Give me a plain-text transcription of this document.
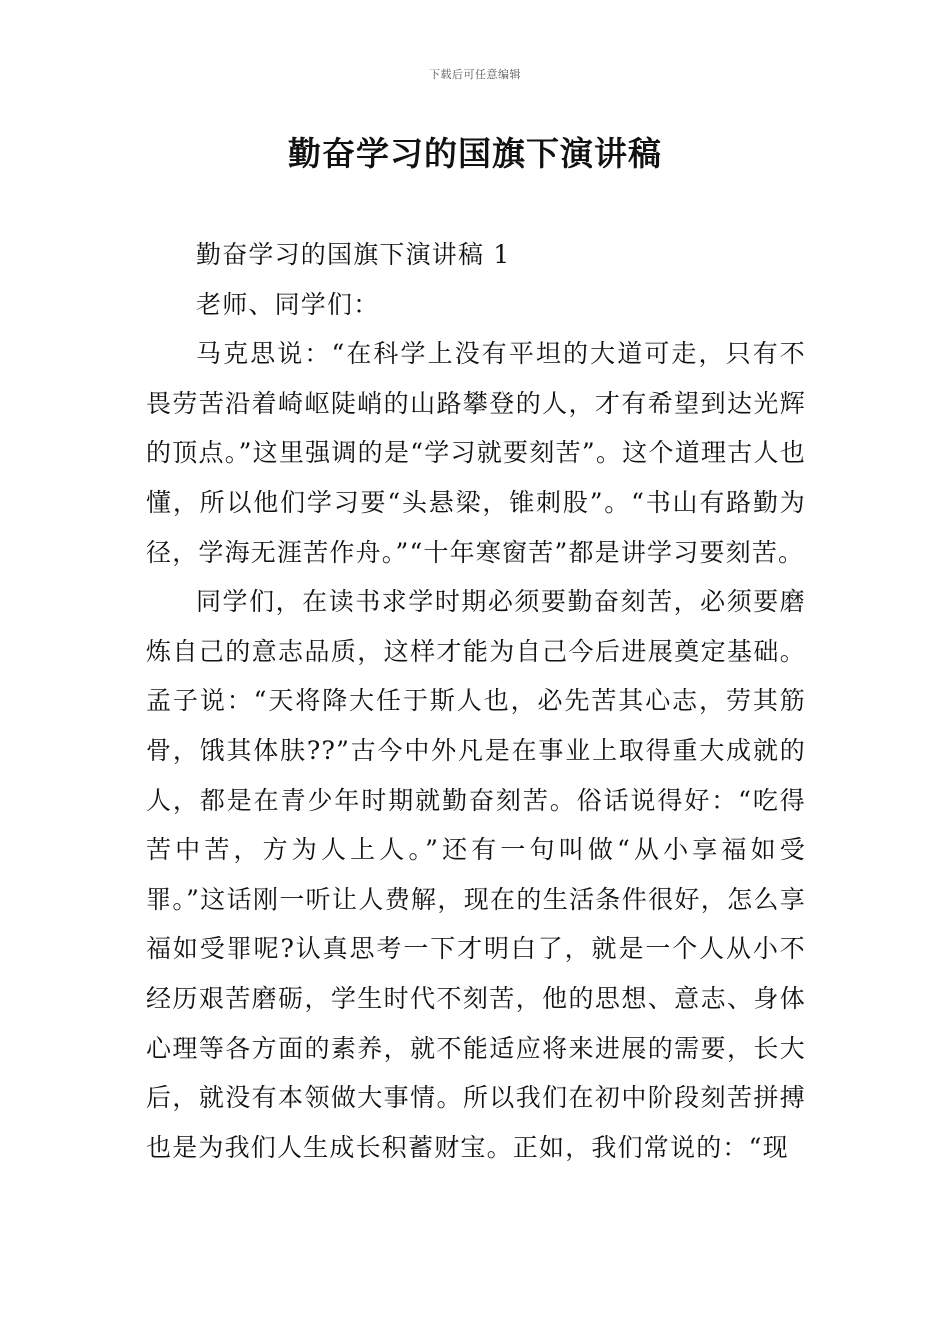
下载后可任意编辑
勤奋学习的国旗下演讲稿

勤奋学习的国旗下演讲稿 1

老师、同学们：

马克思说：“在科学上没有平坦的大道可走，只有不畏劳苦沿着崎岖陡峭的山路攀登的人，才有希望到达光辉的顶点。”这里强调的是“学习就要刻苦”。这个道理古人也懂，所以他们学习要“头悬梁，锥刺股”。“书山有路勤为径，学海无涯苦作舟。”“十年寒窗苦”都是讲学习要刻苦。

同学们，在读书求学时期必须要勤奋刻苦，必须要磨炼自己的意志品质，这样才能为自己今后进展奠定基础。孟子说：“天将降大任于斯人也，必先苦其心志，劳其筋骨，饿其体肤??”古今中外凡是在事业上取得重大成就的人，都是在青少年时期就勤奋刻苦。俗话说得好：“吃得苦中苦，方为人上人。”还有一句叫做“从小享福如受罪。”这话刚一听让人费解，现在的生活条件很好，怎么享福如受罪呢?认真思考一下才明白了，就是一个人从小不经历艰苦磨砺，学生时代不刻苦，他的思想、意志、身体心理等各方面的素养，就不能适应将来进展的需要，长大后，就没有本领做大事情。所以我们在初中阶段刻苦拼搏也是为我们人生成长积蓄财宝。正如，我们常说的：“现
